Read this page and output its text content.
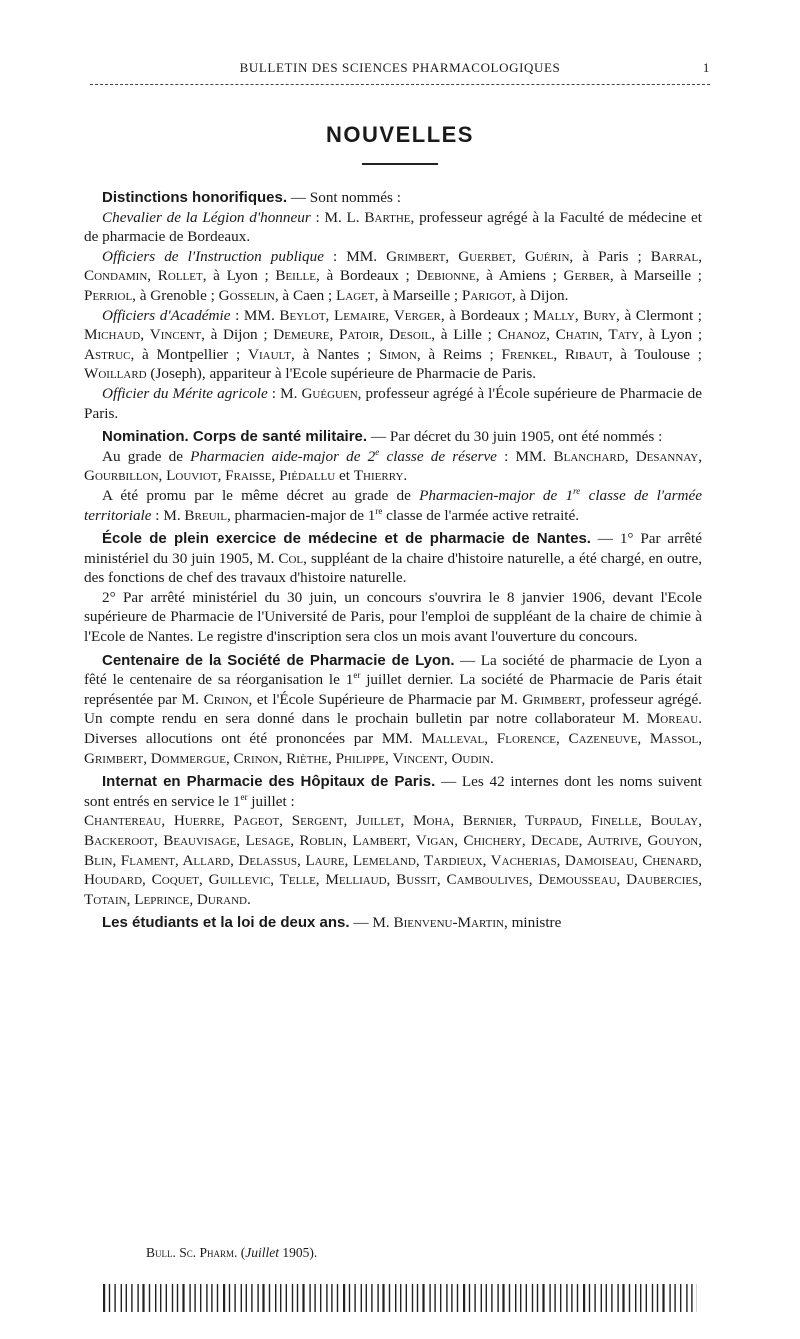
BULLETIN DES SCIENCES PHARMACOLOGIQUES	1
NOUVELLES

Distinctions honorifiques. — Sont nommés :

Chevalier de la Légion d'honneur : M. L. Barthe, professeur agrégé à la Faculté de médecine et de pharmacie de Bordeaux.

Officiers de l'Instruction publique : MM. Grimbert, Guerbet, Guérin, à Paris ; Barral, Condamin, Rollet, à Lyon ; Beille, à Bordeaux ; Debionne, à Amiens ; Gerber, à Marseille ; Perriol, à Grenoble ; Gosselin, à Caen ; Laget, à Marseille ; Parigot, à Dijon.

Officiers d'Académie : MM. Beylot, Lemaire, Verger, à Bordeaux ; Mally, Bury, à Clermont ; Michaud, Vincent, à Dijon ; Demeure, Patoir, Desoil, à Lille ; Chanoz, Chatin, Taty, à Lyon ; Astruc, à Montpellier ; Viault, à Nantes ; Simon, à Reims ; Frenkel, Ribaut, à Toulouse ; Woillard (Joseph), appariteur à l'Ecole supérieure de Pharmacie de Paris.

Officier du Mérite agricole : M. Guéguen, professeur agrégé à l'École supérieure de Pharmacie de Paris.

Nomination. Corps de santé militaire. — Par décret du 30 juin 1905, ont été nommés :

Au grade de Pharmacien aide-major de 2e classe de réserve : MM. Blanchard, Desannay, Gourbillon, Louviot, Fraisse, Piédallu et Thierry.

A été promu par le même décret au grade de Pharmacien-major de 1re classe de l'armée territoriale : M. Breuil, pharmacien-major de 1re classe de l'armée active retraité.

École de plein exercice de médecine et de pharmacie de Nantes. — 1° Par arrêté ministériel du 30 juin 1905, M. Col, suppléant de la chaire d'histoire naturelle, a été chargé, en outre, des fonctions de chef des travaux d'histoire naturelle.

2° Par arrêté ministériel du 30 juin, un concours s'ouvrira le 8 janvier 1906, devant l'Ecole supérieure de Pharmacie de l'Université de Paris, pour l'emploi de suppléant de la chaire de chimie à l'Ecole de Nantes. Le registre d'inscription sera clos un mois avant l'ouverture du concours.

Centenaire de la Société de Pharmacie de Lyon. — La société de pharmacie de Lyon a fêté le centenaire de sa réorganisation le 1er juillet dernier. La société de Pharmacie de Paris était représentée par M. Crinon, et l'École Supérieure de Pharmacie par M. Grimbert, professeur agrégé. Un compte rendu en sera donné dans le prochain bulletin par notre collaborateur M. Moreau. Diverses allocutions ont été prononcées par MM. Malleval, Florence, Cazeneuve, Massol, Grimbert, Dommergue, Crinon, Rièthe, Philippe, Vincent, Oudin.

Internat en Pharmacie des Hôpitaux de Paris. — Les 42 internes dont les noms suivent sont entrés en service le 1er juillet :

Chantereau, Huerre, Pageot, Sergent, Juillet, Moha, Bernier, Turpaud, Finelle, Boulay, Backeroot, Beauvisage, Lesage, Roblin, Lambert, Vigan, Chichery, Decade, Autrive, Gouyon, Blin, Flament, Allard, Delassus, Laure, Lemeland, Tardieux, Vacherias, Damoiseau, Chenard, Houdard, Coquet, Guillevic, Telle, Melliaud, Bussit, Camboulives, Demousseau, Daubercies, Totain, Leprince, Durand.

Les étudiants et la loi de deux ans. — M. Bienvenu-Martin, ministre

Bull. Sc. Pharm. (Juillet 1905).
